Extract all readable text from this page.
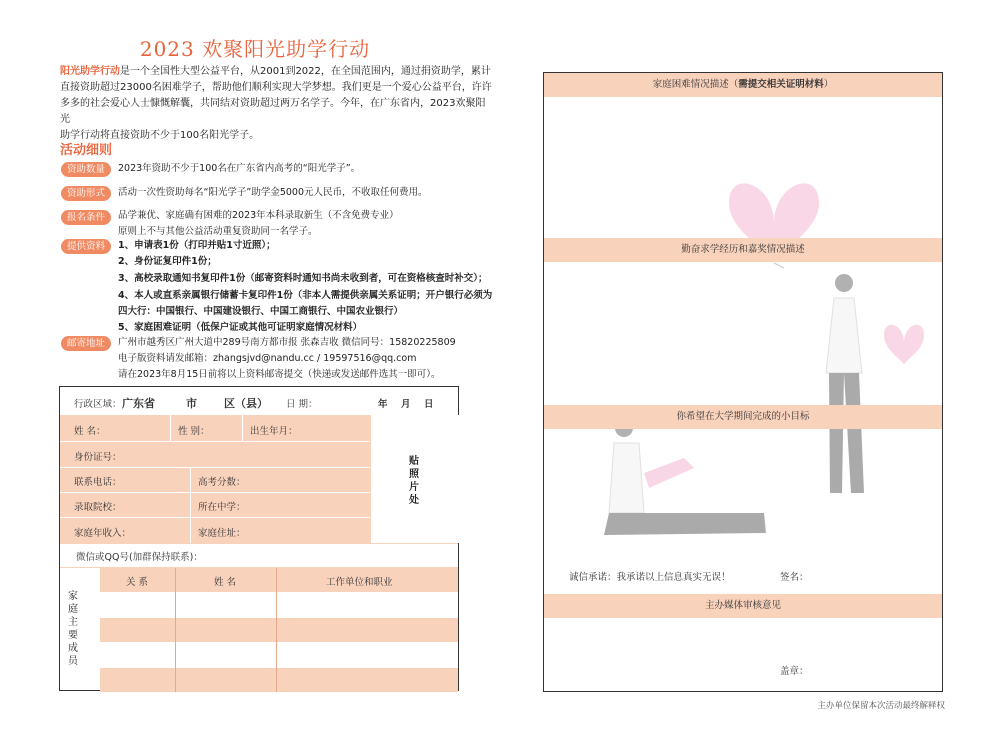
2023 欢聚阳光助学行动
阳光助学行动是一个全国性大型公益平台，从2001到2022，在全国范围内，通过捐资助学，累计
直接资助超过23000名困难学子，帮助他们顺利实现大学梦想。我们更是一个爱心公益平台，许许
多多的社会爱心人士慷慨解囊，共同结对资助超过两万名学子。今年，在广东省内，2023欢聚阳光
助学行动将直接资助不少于100名阳光学子。
活动细则
资助数量	2023年资助不少于100名在广东省内高考的“阳光学子”。
资助形式	活动一次性资助每名“阳光学子”助学金5000元人民币，不收取任何费用。
报名条件	品学兼优、家庭确有困难的2023年本科录取新生（不含免费专业）
原则上不与其他公益活动重复资助同一名学子。
提供资料	1、申请表1份（打印并贴1寸近照）；
2、身份证复印件1份；
3、高校录取通知书复印件1份（邮寄资料时通知书尚未收到者，可在资格核查时补交）；
4、本人或直系亲属银行储蓄卡复印件1份（非本人需提供亲属关系证明；开户银行必须为
四大行：中国银行、中国建设银行、中国工商银行、中国农业银行）
5、家庭困难证明（低保户证或其他可证明家庭情况材料）
邮寄地址	广州市越秀区广州大道中289号南方都市报 张森吉收 微信同号：15820225809
电子版资料请发邮箱：zhangsjvd@nandu.cc / 19597516@qq.com
请在2023年8月15日前将以上资料邮寄提交（快递或发送邮件选其一即可）。
行政区域： 广东省	市 区（县） 日 期：	年 月 日
贴照片处
姓 名：	性 别：	出生年月：
身份证号：
联系电话：	高考分数：
录取院校：	所在中学：
家庭年收入：	家庭住址：
微信或QQ号(加群保持联系)：
家庭主要成员
关 系	姓 名	工作单位和职业
家庭困难情况描述（需提交相关证明材料）
勤奋求学经历和嘉奖情况描述
你希望在大学期间完成的小目标
诚信承诺：我承诺以上信息真实无误！	签名：
主办媒体审核意见
盖章：
主办单位保留本次活动最终解释权
